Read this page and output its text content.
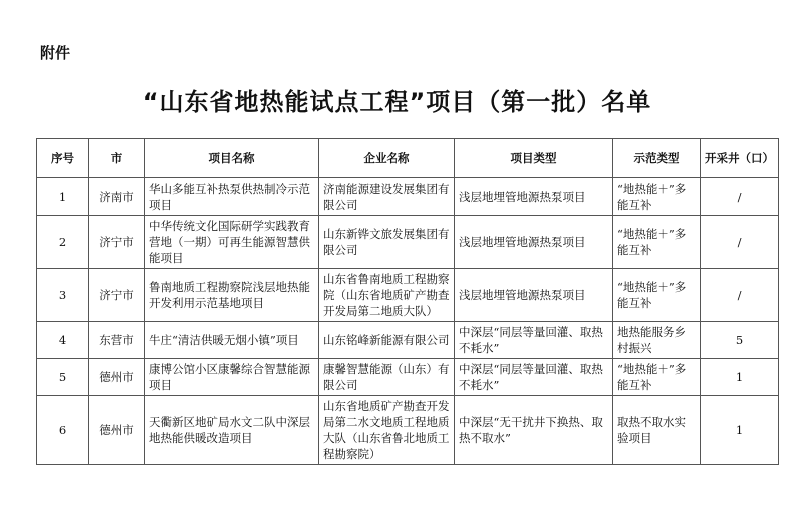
附件
“山东省地热能试点工程”项目（第一批）名单
序号	市	项目名称	企业名称	项目类型	示范类型	开采井（口）
1	济南市	华山多能互补热泵供热制冷示范项目	济南能源建设发展集团有限公司	浅层地埋管地源热泵项目	“地热能＋”多能互补	/
2	济宁市	中华传统文化国际研学实践教育营地（一期）可再生能源智慧供能项目	山东新铧文旅发展集团有限公司	浅层地埋管地源热泵项目	“地热能＋”多能互补	/
3	济宁市	鲁南地质工程勘察院浅层地热能开发利用示范基地项目	山东省鲁南地质工程勘察院（山东省地质矿产勘查开发局第二地质大队）	浅层地埋管地源热泵项目	“地热能＋”多能互补	/
4	东营市	牛庄“清洁供暖无烟小镇”项目	山东铭峰新能源有限公司	中深层“同层等量回灌、取热不耗水”	地热能服务乡村振兴	5
5	德州市	康博公馆小区康馨综合智慧能源项目	康馨智慧能源（山东）有限公司	中深层“同层等量回灌、取热不耗水”	“地热能＋”多能互补	1
6	德州市	天衢新区地矿局水文二队中深层地热能供暖改造项目	山东省地质矿产勘查开发局第二水文地质工程地质大队（山东省鲁北地质工程勘察院）	中深层“无干扰井下换热、取热不取水”	取热不取水实验项目	1
